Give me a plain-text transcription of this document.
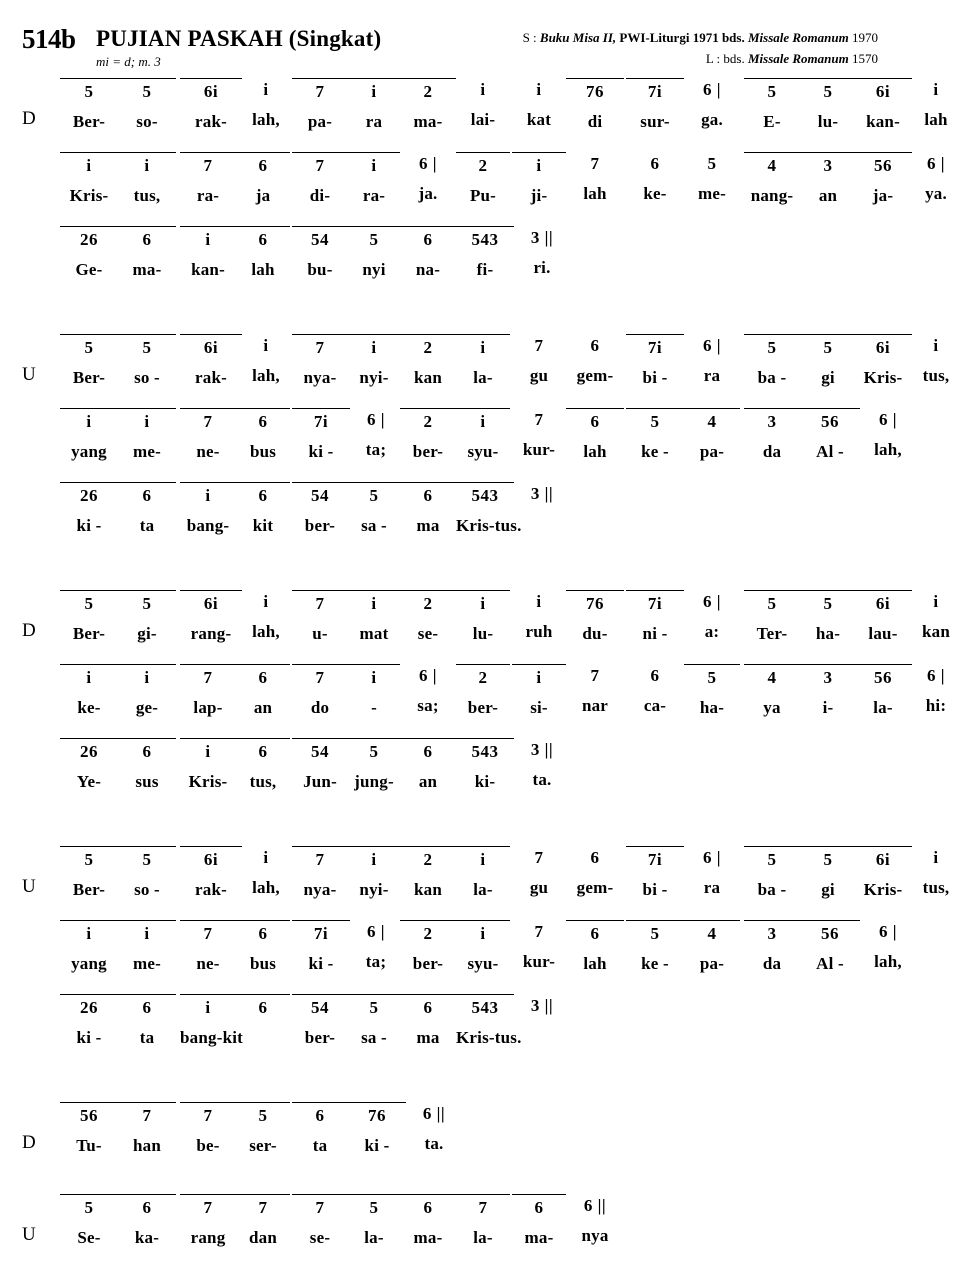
514b PUJIAN PASKAH (Singkat)
mi = d; m. 3
S : Buku Misa II, PWI-Liturgi 1971 bds. Missale Romanum 1970
L : bds. Missale Romanum 1570
D
5
Ber-
5
so-
6i
rak-
i
lah,
7
pa-
i
ra
2
ma-
i
lai-
i
kat
76
di
7i
sur-
6 |
ga.
5
E-
5
lu-
6i
kan-
i
lah
i
Kris-
i
tus,
7
ra-
6
ja
7
di-
i
ra-
6 |
ja.
2
Pu-
i
ji-
7
lah
6
ke-
5
me-
4
nang-
3
an
56
ja-
6 |
ya.
26
Ge-
6
ma-
i
kan-
6
lah
54
bu-
5
nyi
6
na-
543
fi-
3 ||
ri.
U
5
Ber-
5
so -
6i
rak-
i
lah,
7
nya-
i
nyi-
2
kan
i
la-
7
gu
6
gem-
7i
bi -
6 |
ra
5
ba -
5
gi
6i
Kris-
i
tus,
i
yang
i
me-
7
ne-
6
bus
7i
ki -
6 |
ta;
2
ber-
i
syu-
7
kur-
6
lah
5
ke -
4
pa-
3
da
56
Al -
6 |
lah,
26
ki -
6
ta
i
bang-
6
kit
54
ber-
5
sa -
6
ma
543
Kris-tus.
3 ||
D
5
Ber-
5
gi-
6i
rang-
i
lah,
7
u-
i
mat
2
se-
i
lu-
i
ruh
76
du-
7i
ni -
6 |
a:
5
Ter-
5
ha-
6i
lau-
i
kan
i
ke-
i
ge-
7
lap-
6
an
7
do
i
-
6 |
sa;
2
ber-
i
si-
7
nar
6
ca-
5
ha-
4
ya
3
i-
56
la-
6 |
hi:
26
Ye-
6
sus
i
Kris-
6
tus,
54
Jun-
5
jung-
6
an
543
ki-
3 ||
ta.
U
5
Ber-
5
so -
6i
rak-
i
lah,
7
nya-
i
nyi-
2
kan
i
la-
7
gu
6
gem-
7i
bi -
6 |
ra
5
ba -
5
gi
6i
Kris-
i
tus,
i
yang
i
me-
7
ne-
6
bus
7i
ki -
6 |
ta;
2
ber-
i
syu-
7
kur-
6
lah
5
ke -
4
pa-
3
da
56
Al -
6 |
lah,
26
ki -
6
ta
i
bang-kit
6	54
ber-
5
sa -
6
ma
543
Kris-tus.
3 ||
D
56
Tu-
7
han
7
be-
5
ser-
6
ta
76
ki -
6 ||
ta.
U
5
Se-
6
ka-
7
rang
7
dan
7
se-
5
la-
6
ma-
7
la-
6
ma-
6 ||
nya
